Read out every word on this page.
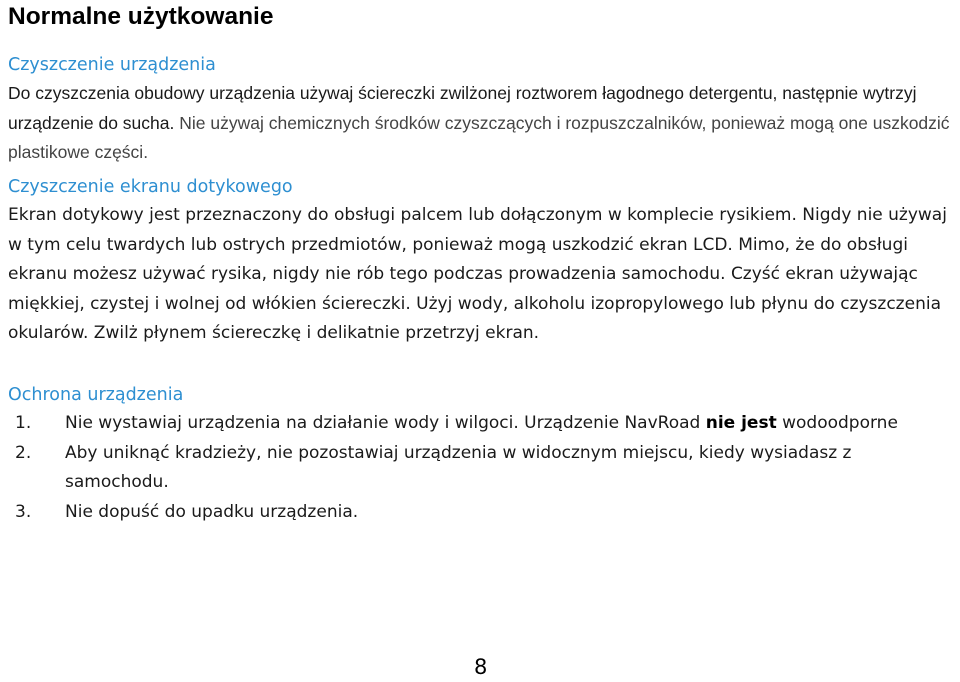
Normalne użytkowanie
Czyszczenie urządzenia

Do czyszczenia obudowy urządzenia używaj ściereczki zwilżonej roztworem łagodnego detergentu, następnie wytrzyj urządzenie do sucha. Nie używaj chemicznych środków czyszczących i rozpuszczalników, ponieważ mogą one uszkodzić plastikowe części.

Czyszczenie ekranu dotykowego

Ekran dotykowy jest przeznaczony do obsługi palcem lub dołączonym w komplecie rysikiem. Nigdy nie używaj w tym celu twardych lub ostrych przedmiotów, ponieważ mogą uszkodzić ekran LCD. Mimo, że do obsługi ekranu możesz używać rysika, nigdy nie rób tego podczas prowadzenia samochodu. Czyść ekran używając miękkiej, czystej i wolnej od włókien ściereczki. Użyj wody, alkoholu izopropylowego lub płynu do czyszczenia okularów. Zwilż płynem ściereczkę i delikatnie przetrzyj ekran.

Ochrona urządzenia
1. Nie wystawiaj urządzenia na działanie wody i wilgoci. Urządzenie NavRoad nie jest wodoodporne
2. Aby uniknąć kradzieży, nie pozostawiaj urządzenia w widocznym miejscu, kiedy wysiadasz z samochodu.
3. Nie dopuść do upadku urządzenia.
8
